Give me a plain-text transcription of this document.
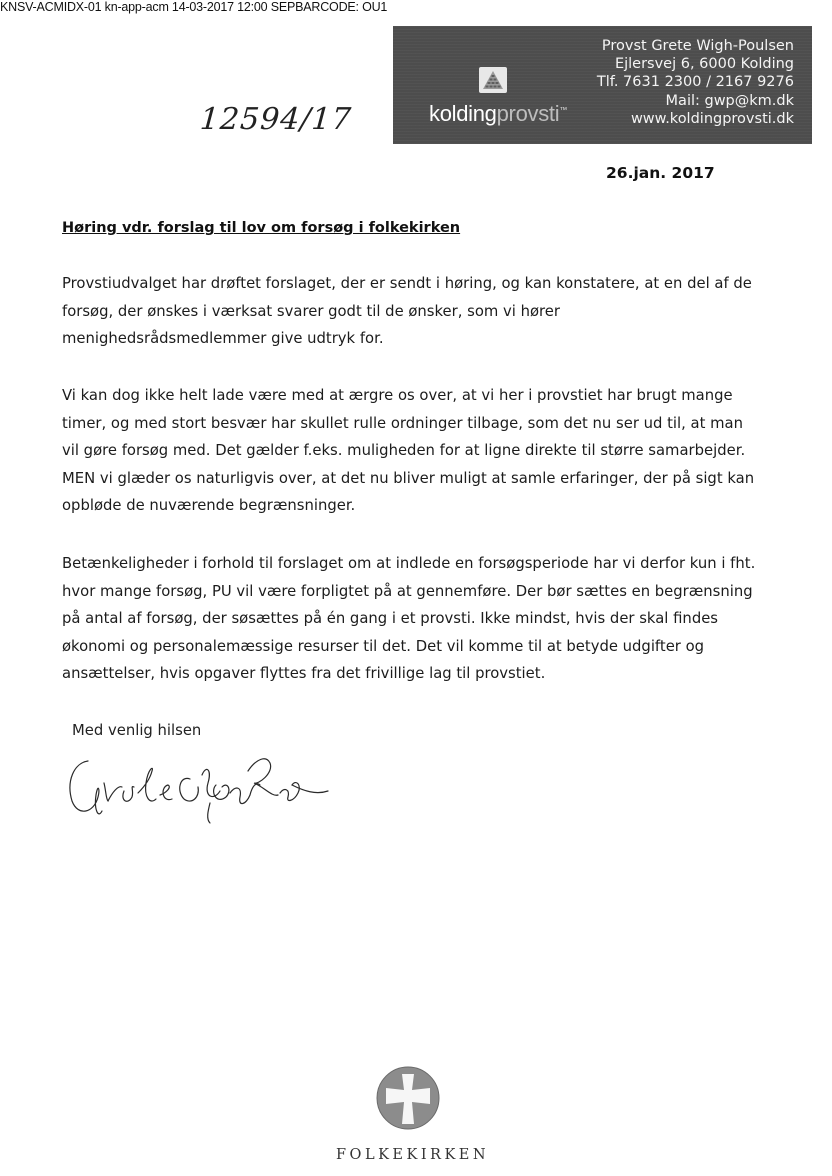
KNSV-ACMIDX-01 kn-app-acm 14-03-2017 12:00 SEPBARCODE: OU1
koldingprovsti™
Provst Grete Wigh-Poulsen
Ejlersvej 6, 6000 Kolding
Tlf. 7631 2300 / 2167 9276
Mail: gwp@km.dk
www.koldingprovsti.dk
12594/17
26.jan. 2017
Høring vdr. forslag til lov om forsøg i folkekirken
Provstiudvalget har drøftet forslaget, der er sendt i høring, og kan konstatere, at en del af de
forsøg, der ønskes i værksat svarer godt til de ønsker, som vi hører
menighedsrådsmedlemmer give udtryk for.
Vi kan dog ikke helt lade være med at ærgre os over, at vi her i provstiet har brugt mange
timer, og med stort besvær har skullet rulle ordninger tilbage, som det nu ser ud til, at man
vil gøre forsøg med. Det gælder f.eks. muligheden for at ligne direkte til større samarbejder.
MEN vi glæder os naturligvis over, at det nu bliver muligt at samle erfaringer, der på sigt kan
opbløde de nuværende begrænsninger.
Betænkeligheder i forhold til forslaget om at indlede en forsøgsperiode har vi derfor kun i fht.
hvor mange forsøg, PU vil være forpligtet på at gennemføre. Der bør sættes en begrænsning
på antal af forsøg, der søsættes på én gang i et provsti. Ikke mindst, hvis der skal findes
økonomi og personalemæssige resurser til det. Det vil komme til at betyde udgifter og
ansættelser, hvis opgaver flyttes fra det frivillige lag til provstiet.
Med venlig hilsen
FOLKEKIRKEN
